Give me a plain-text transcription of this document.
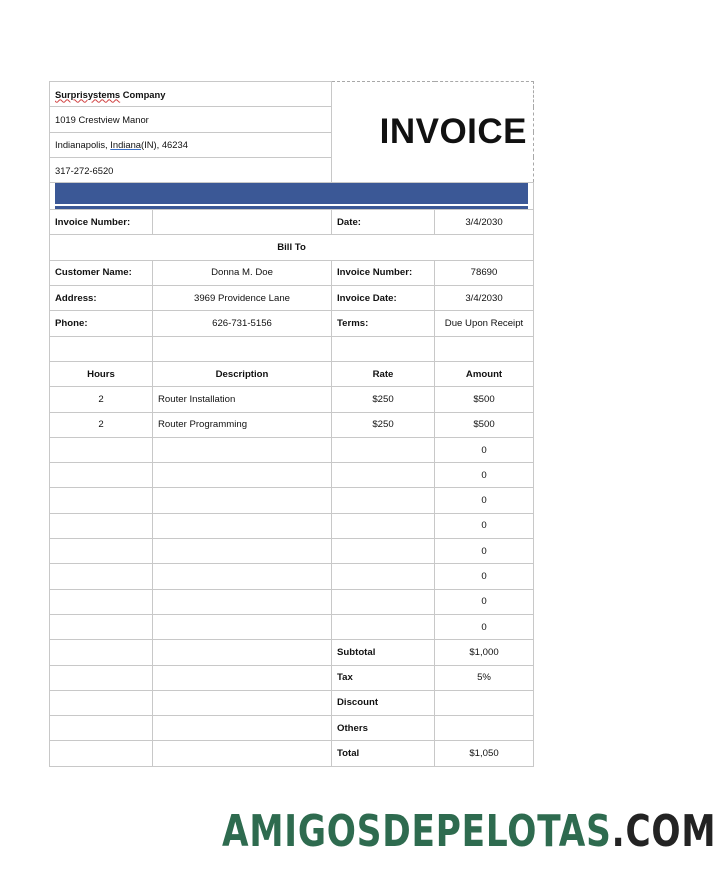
Surprisystems Company		INVOICE	
1019 Crestview Manor			
Indianapolis, Indiana(IN), 46234			
317-272-6520			

Invoice Number:		Date:	3/4/2030
Bill To			
Customer Name:	Donna M. Doe	Invoice Number:	78690
Address:	3969 Providence Lane	Invoice Date:	3/4/2030
Phone:	626-731-5156	Terms:	Due Upon Receipt

Hours	Description	Rate	Amount
2	Router Installation	$250	$500
2	Router Programming	$250	$500
			0
			0
			0
			0
			0
			0
			0
			0
		Subtotal	$1,000
		Tax	5%
		Discount	
		Others	
		Total	$1,050
AMIGOSDEPELOTAS.COM
